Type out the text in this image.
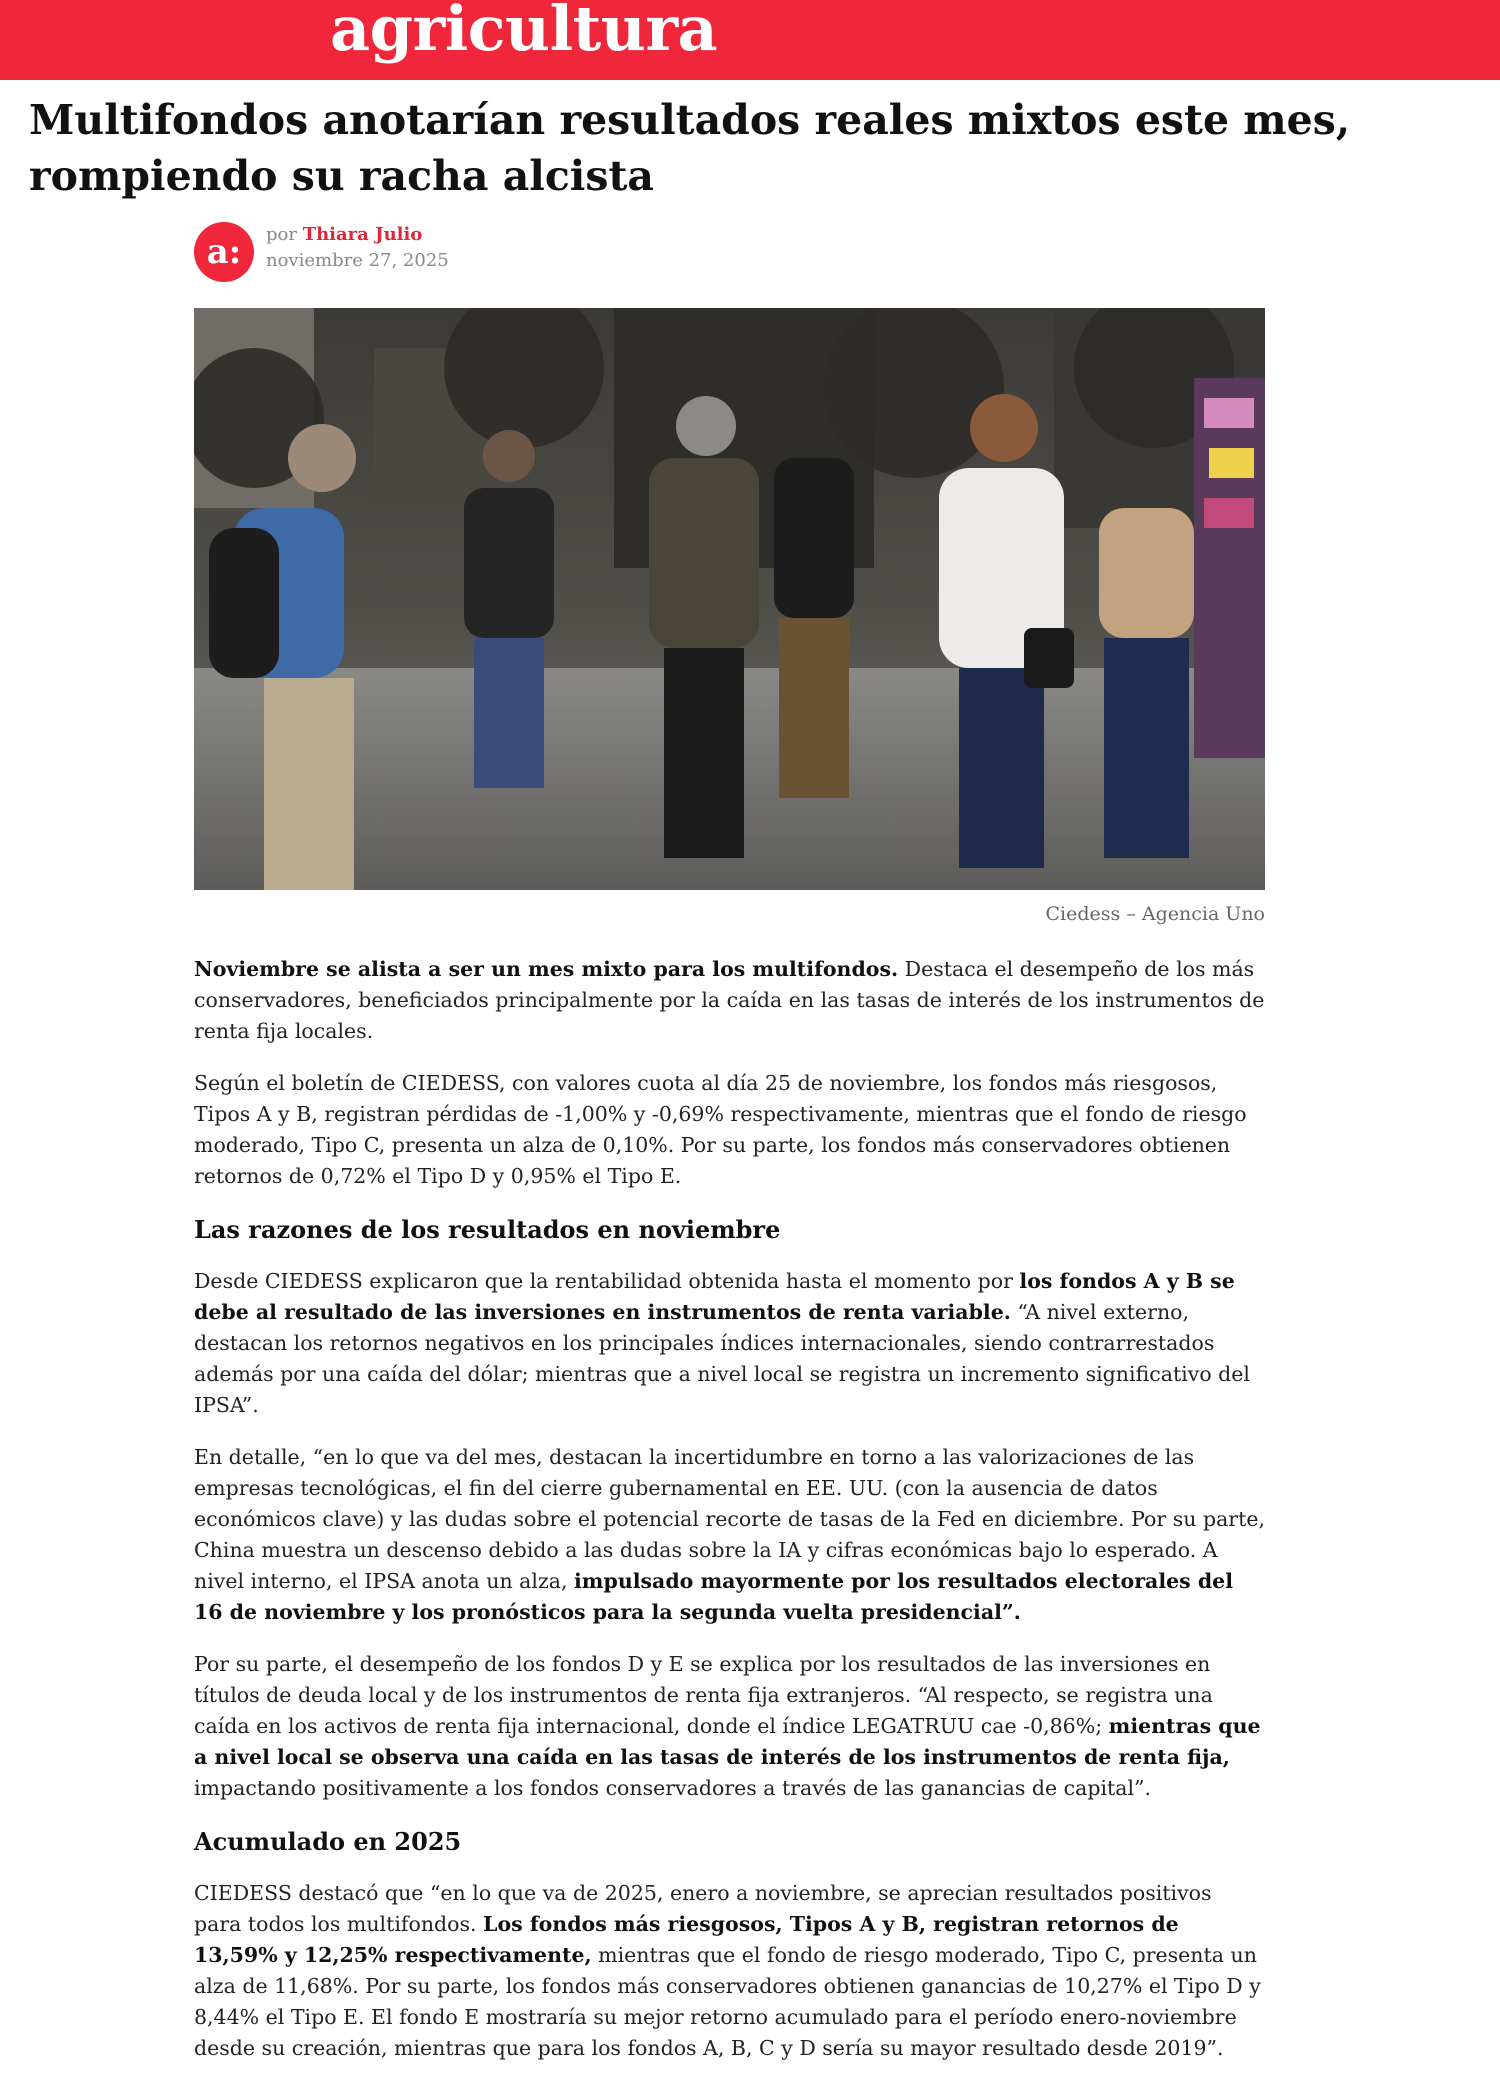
agricultura
Multifondos anotarían resultados reales mixtos este mes, rompiendo su racha alcista
a:	por Thiara Julio
noviembre 27, 2025
Ciedess – Agencia Uno

Noviembre se alista a ser un mes mixto para los multifondos. Destaca el desempeño de los más conservadores, beneficiados principalmente por la caída en las tasas de interés de los instrumentos de renta fija locales.

Según el boletín de CIEDESS, con valores cuota al día 25 de noviembre, los fondos más riesgosos, Tipos A y B, registran pérdidas de -1,00% y -0,69% respectivamente, mientras que el fondo de riesgo moderado, Tipo C, presenta un alza de 0,10%. Por su parte, los fondos más conservadores obtienen retornos de 0,72% el Tipo D y 0,95% el Tipo E.

Las razones de los resultados en noviembre

Desde CIEDESS explicaron que la rentabilidad obtenida hasta el momento por los fondos A y B se debe al resultado de las inversiones en instrumentos de renta variable. “A nivel externo, destacan los retornos negativos en los principales índices internacionales, siendo contrarrestados además por una caída del dólar; mientras que a nivel local se registra un incremento significativo del IPSA”.

En detalle, “en lo que va del mes, destacan la incertidumbre en torno a las valorizaciones de las empresas tecnológicas, el fin del cierre gubernamental en EE. UU. (con la ausencia de datos económicos clave) y las dudas sobre el potencial recorte de tasas de la Fed en diciembre. Por su parte, China muestra un descenso debido a las dudas sobre la IA y cifras económicas bajo lo esperado. A nivel interno, el IPSA anota un alza, impulsado mayormente por los resultados electorales del 16 de noviembre y los pronósticos para la segunda vuelta presidencial”.

Por su parte, el desempeño de los fondos D y E se explica por los resultados de las inversiones en títulos de deuda local y de los instrumentos de renta fija extranjeros. “Al respecto, se registra una caída en los activos de renta fija internacional, donde el índice LEGATRUU cae -0,86%; mientras que a nivel local se observa una caída en las tasas de interés de los instrumentos de renta fija, impactando positivamente a los fondos conservadores a través de las ganancias de capital”.

Acumulado en 2025

CIEDESS destacó que “en lo que va de 2025, enero a noviembre, se aprecian resultados positivos para todos los multifondos. Los fondos más riesgosos, Tipos A y B, registran retornos de 13,59% y 12,25% respectivamente, mientras que el fondo de riesgo moderado, Tipo C, presenta un alza de 11,68%. Por su parte, los fondos más conservadores obtienen ganancias de 10,27% el Tipo D y 8,44% el Tipo E. El fondo E mostraría su mejor retorno acumulado para el período enero-noviembre desde su creación, mientras que para los fondos A, B, C y D sería su mayor resultado desde 2019”.
